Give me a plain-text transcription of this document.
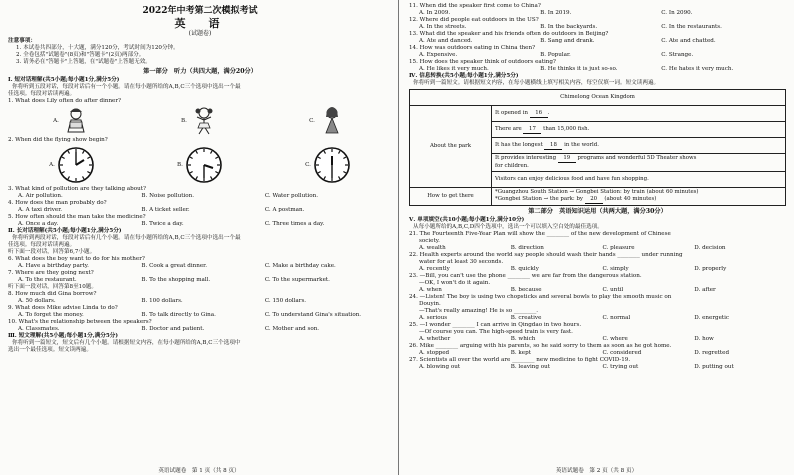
2022年中考第二次模拟考试
英　语
(试题卷)
注意事项：
1. 本试卷共四部分，十大题，满分120分，考试时间为120分钟。
2. 全卷包括"试题卷"(8页)和"答题卡"(2页)两部分。
3. 请务必在"答题卡"上答题，在"试题卷"上答题无效。
第一部分　听力（共四大题，满分20分）
Ⅰ. 短对话理解(共5小题;每小题1分,满分5分)
你将听到五段对话，每段对话后有一个小题。请在每小题所给的A,B,C三个选项中选出一个最
佳选项。每段对话读两遍。
1. What does Lily often do after dinner?
A.	B.	C.
2. When did the flying show begin?
A.	B.	C.
3. What kind of pollution are they talking about?
A. Air pollution.	B. Noise pollution.	C. Water pollution.
4. How does the man probably do?
A. A taxi driver.	B. A ticket seller.	C. A postman.
5. How often should the man take the medicine?
A. Once a day.	B. Twice a day.	C. Three times a day.
Ⅱ. 长对话理解(共5小题;每小题1分,满分5分)
你将听到两段对话，每段对话后有几个小题。请在每小题所给的A,B,C三个选项中选出一个最
佳选项。每段对话读两遍。
听下面一段对话，回答第6,7小题。
6. What does the boy want to do for his mother?
A. Have a birthday party.	B. Cook a great dinner.	C. Make a birthday cake.
7. Where are they going next?
A. To the restaurant.	B. To the shopping mall.	C. To the supermarket.
听下面一段对话，回答第8至10题。
8. How much did Gina borrow?
A. 50 dollars.	B. 100 dollars.	C. 150 dollars.
9. What does Mike advise Linda to do?
A. To forget the money.	B. To talk directly to Gina.	C. To understand Gina's situation.
10. What's the relationship between the speakers?
A. Classmates.	B. Doctor and patient.	C. Mother and son.
Ⅲ. 短文理解(共5小题;每小题1分,满分5分)
你将听到一篇短文，短文后有几个小题。请根据短文内容，在每小题所给的A,B,C三个选项中
选出一个最佳选项。短文读两遍。
英语试题卷　第 1 页（共 8 页）
11. When did the speaker first come to China?
A. In 2009.	B. In 2019.	C. In 2090.
12. Where did people eat outdoors in the US?
A. In the streets.	B. In the backyards.	C. In the restaurants.
13. What did the speaker and his friends often do outdoors in Beijing?
A. Ate and danced.	B. Sang and drank.	C. Ate and chatted.
14. How was outdoors eating in China then?
A. Expensive.	B. Popular.	C. Strange.
15. How does the speaker think of outdoors eating?
A. He likes it very much.	B. He thinks it is just so-so.	C. He hates it very much.
Ⅳ. 信息转换(共5小题;每小题1分,满分5分)
你将听到一篇短文。请根据短文内容，在每小题横线上填写相关内容，每空仅填一词。短文读两遍。
Chimelong Ocean Kingdom	
About the park	It opened in 16 .
	There are 17 than 15,000 fish.
	It has the longest 18 in the world.
	It provides interesting 19 programs and wonderful 5D Theater shows
for children.
	Visitors can enjoy delicious food and have fun shopping.
How to get there	*Guangzhou South Station → Gongbei Station: by train (about 60 minutes)
*Gongbei Station → the park: by 20 (about 40 minutes)
第二部分　英语知识运用（共两大题，满分30分）
Ⅴ. 单项填空(共10小题;每小题1分,满分10分)
从每小题所给的A,B,C,D四个选项中，选出一个可以填入空白处的最佳选项。
21. The Fourteenth Five-Year Plan will show the ________ of the new development of Chinese
society.
A. wealth	B. direction	C. pleasure	D. decision
22. Health experts around the world say people should wash their hands ________ under running
water for at least 30 seconds.
A. recently	B. quickly	C. simply	D. properly
23. —Bill, you can't use the phone ________ we are far from the dangerous station.
—OK, I won't do it again.
A. when	B. because	C. until	D. after
24. —Listen! The boy is using two chopsticks and several bowls to play the smooth music on
Douyin.
—That's really amazing! He is so ________.
A. serious	B. creative	C. normal	D. energetic
25. —I wonder ________ I can arrive in Qingdao in two hours.
—Of course you can. The high-speed train is very fast.
A. whether	B. which	C. where	D. how
26. Mike ________ arguing with his parents, so he said sorry to them as soon as he got home.
A. stopped	B. kept	C. considered	D. regretted
27. Scientists all over the world are ________ new medicine to fight COVID-19.
A. blowing out	B. leaving out	C. trying out	D. putting out
英语试题卷　第 2 页（共 8 页）
